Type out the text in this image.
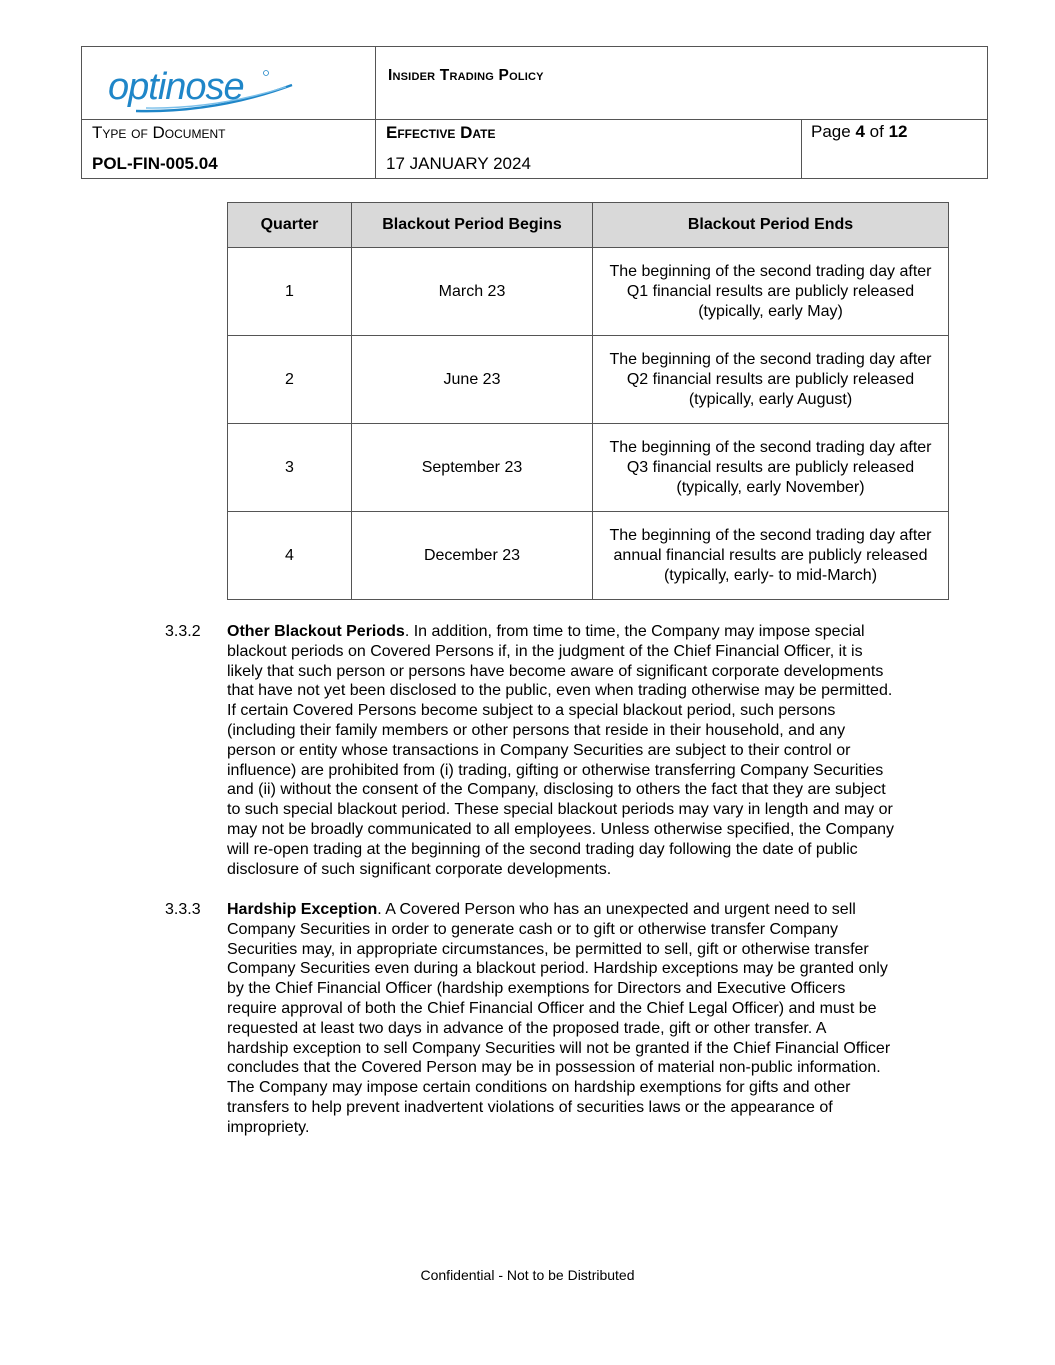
optinose	Insider Trading Policy
Type of Document
POL-FIN-005.04
Effective Date
17 JANUARY 2024
Page 4 of 12
Quarter	Blackout Period Begins	Blackout Period Ends
1	March 23	The beginning of the second trading day after
Q1 financial results are publicly released
(typically, early May)

2	June 23	The beginning of the second trading day after
Q2 financial results are publicly released
(typically, early August)

3	September 23	The beginning of the second trading day after
Q3 financial results are publicly released
(typically, early November)

4	December 23	The beginning of the second trading day after
annual financial results are publicly released
(typically, early- to mid-March)
3.3.2 Other Blackout Periods. In addition, from time to time, the Company may impose special
blackout periods on Covered Persons if, in the judgment of the Chief Financial Officer, it is
likely that such person or persons have become aware of significant corporate developments
that have not yet been disclosed to the public, even when trading otherwise may be permitted.
If certain Covered Persons become subject to a special blackout period, such persons
(including their family members or other persons that reside in their household, and any
person or entity whose transactions in Company Securities are subject to their control or
influence) are prohibited from (i) trading, gifting or otherwise transferring Company Securities
and (ii) without the consent of the Company, disclosing to others the fact that they are subject
to such special blackout period. These special blackout periods may vary in length and may or
may not be broadly communicated to all employees. Unless otherwise specified, the Company
will re-open trading at the beginning of the second trading day following the date of public
disclosure of such significant corporate developments.
3.3.3 Hardship Exception. A Covered Person who has an unexpected and urgent need to sell
Company Securities in order to generate cash or to gift or otherwise transfer Company
Securities may, in appropriate circumstances, be permitted to sell, gift or otherwise transfer
Company Securities even during a blackout period. Hardship exceptions may be granted only
by the Chief Financial Officer (hardship exemptions for Directors and Executive Officers
require approval of both the Chief Financial Officer and the Chief Legal Officer) and must be
requested at least two days in advance of the proposed trade, gift or other transfer. A
hardship exception to sell Company Securities will not be granted if the Chief Financial Officer
concludes that the Covered Person may be in possession of material non-public information.
The Company may impose certain conditions on hardship exemptions for gifts and other
transfers to help prevent inadvertent violations of securities laws or the appearance of
impropriety.
Confidential - Not to be Distributed
